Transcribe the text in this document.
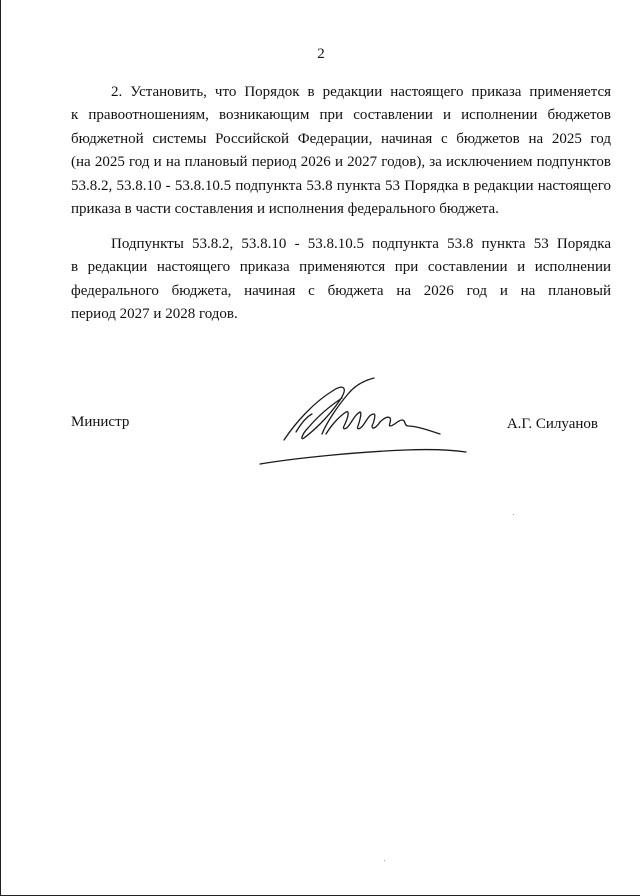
2

2. Установить, что Порядок в редакции настоящего приказа применяется
к правоотношениям, возникающим при составлении и исполнении бюджетов
бюджетной системы Российской Федерации, начиная с бюджетов на 2025 год
(на 2025 год и на плановый период 2026 и 2027 годов), за исключением подпунктов
53.8.2, 53.8.10 - 53.8.10.5 подпункта 53.8 пункта 53 Порядка в редакции настоящего
приказа в части составления и исполнения федерального бюджета.

Подпункты 53.8.2, 53.8.10 - 53.8.10.5 подпункта 53.8 пункта 53 Порядка
в редакции настоящего приказа применяются при составлении и исполнении
федерального бюджета, начиная с бюджета на 2026 год и на плановый
период 2027 и 2028 годов.

Министр	А.Г. Силуанов
